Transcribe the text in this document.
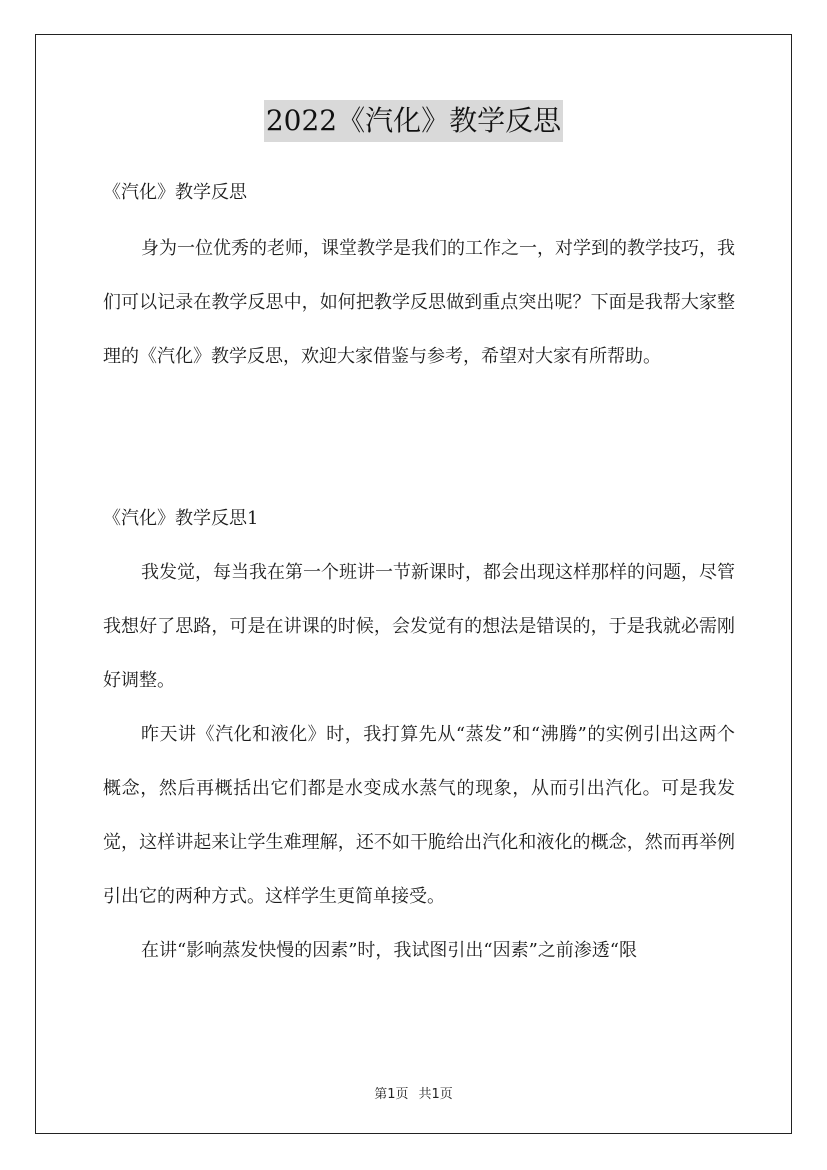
2022《汽化》教学反思
《汽化》教学反思
身为一位优秀的老师，课堂教学是我们的工作之一，对学到的教学技巧，我们可以记录在教学反思中，如何把教学反思做到重点突出呢？下面是我帮大家整理的《汽化》教学反思，欢迎大家借鉴与参考，希望对大家有所帮助。
《汽化》教学反思1
我发觉，每当我在第一个班讲一节新课时，都会出现这样那样的问题，尽管我想好了思路，可是在讲课的时候，会发觉有的想法是错误的，于是我就必需刚好调整。
昨天讲《汽化和液化》时，我打算先从“蒸发”和“沸腾”的实例引出这两个概念，然后再概括出它们都是水变成水蒸气的现象，从而引出汽化。可是我发觉，这样讲起来让学生难理解，还不如干脆给出汽化和液化的概念，然而再举例引出它的两种方式。这样学生更简单接受。
在讲“影响蒸发快慢的因素”时，我试图引出“因素”之前渗透“限
第1页 共1页
